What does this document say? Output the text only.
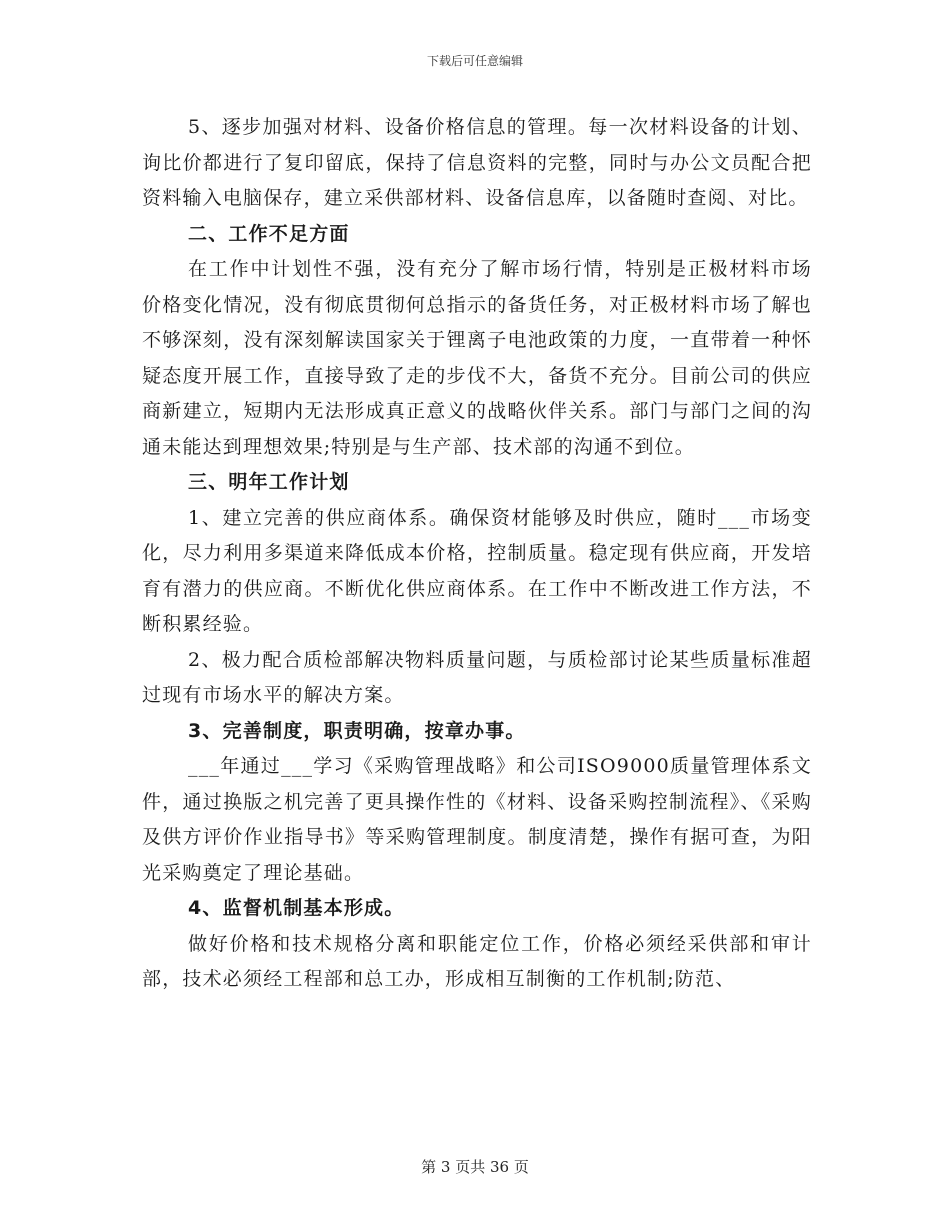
下载后可任意编辑

5、逐步加强对材料、设备价格信息的管理。每一次材料设备的计划、询比价都进行了复印留底，保持了信息资料的完整，同时与办公文员配合把资料输入电脑保存，建立采供部材料、设备信息库，以备随时查阅、对比。

二、工作不足方面

在工作中计划性不强，没有充分了解市场行情，特别是正极材料市场价格变化情况，没有彻底贯彻何总指示的备货任务，对正极材料市场了解也不够深刻，没有深刻解读国家关于锂离子电池政策的力度，一直带着一种怀疑态度开展工作，直接导致了走的步伐不大，备货不充分。目前公司的供应商新建立，短期内无法形成真正意义的战略伙伴关系。部门与部门之间的沟通未能达到理想效果;特别是与生产部、技术部的沟通不到位。

三、明年工作计划

1、建立完善的供应商体系。确保资材能够及时供应，随时___市场变化，尽力利用多渠道来降低成本价格，控制质量。稳定现有供应商，开发培育有潜力的供应商。不断优化供应商体系。在工作中不断改进工作方法，不断积累经验。

2、极力配合质检部解决物料质量问题，与质检部讨论某些质量标准超过现有市场水平的解决方案。

3、完善制度，职责明确，按章办事。

___年通过___学习《采购管理战略》和公司ISO9000质量管理体系文件，通过换版之机完善了更具操作性的《材料、设备采购控制流程》、《采购及供方评价作业指导书》等采购管理制度。制度清楚，操作有据可查，为阳光采购奠定了理论基础。

4、监督机制基本形成。

做好价格和技术规格分离和职能定位工作，价格必须经采供部和审计部，技术必须经工程部和总工办，形成相互制衡的工作机制;防范、

第 3 页共 36 页
